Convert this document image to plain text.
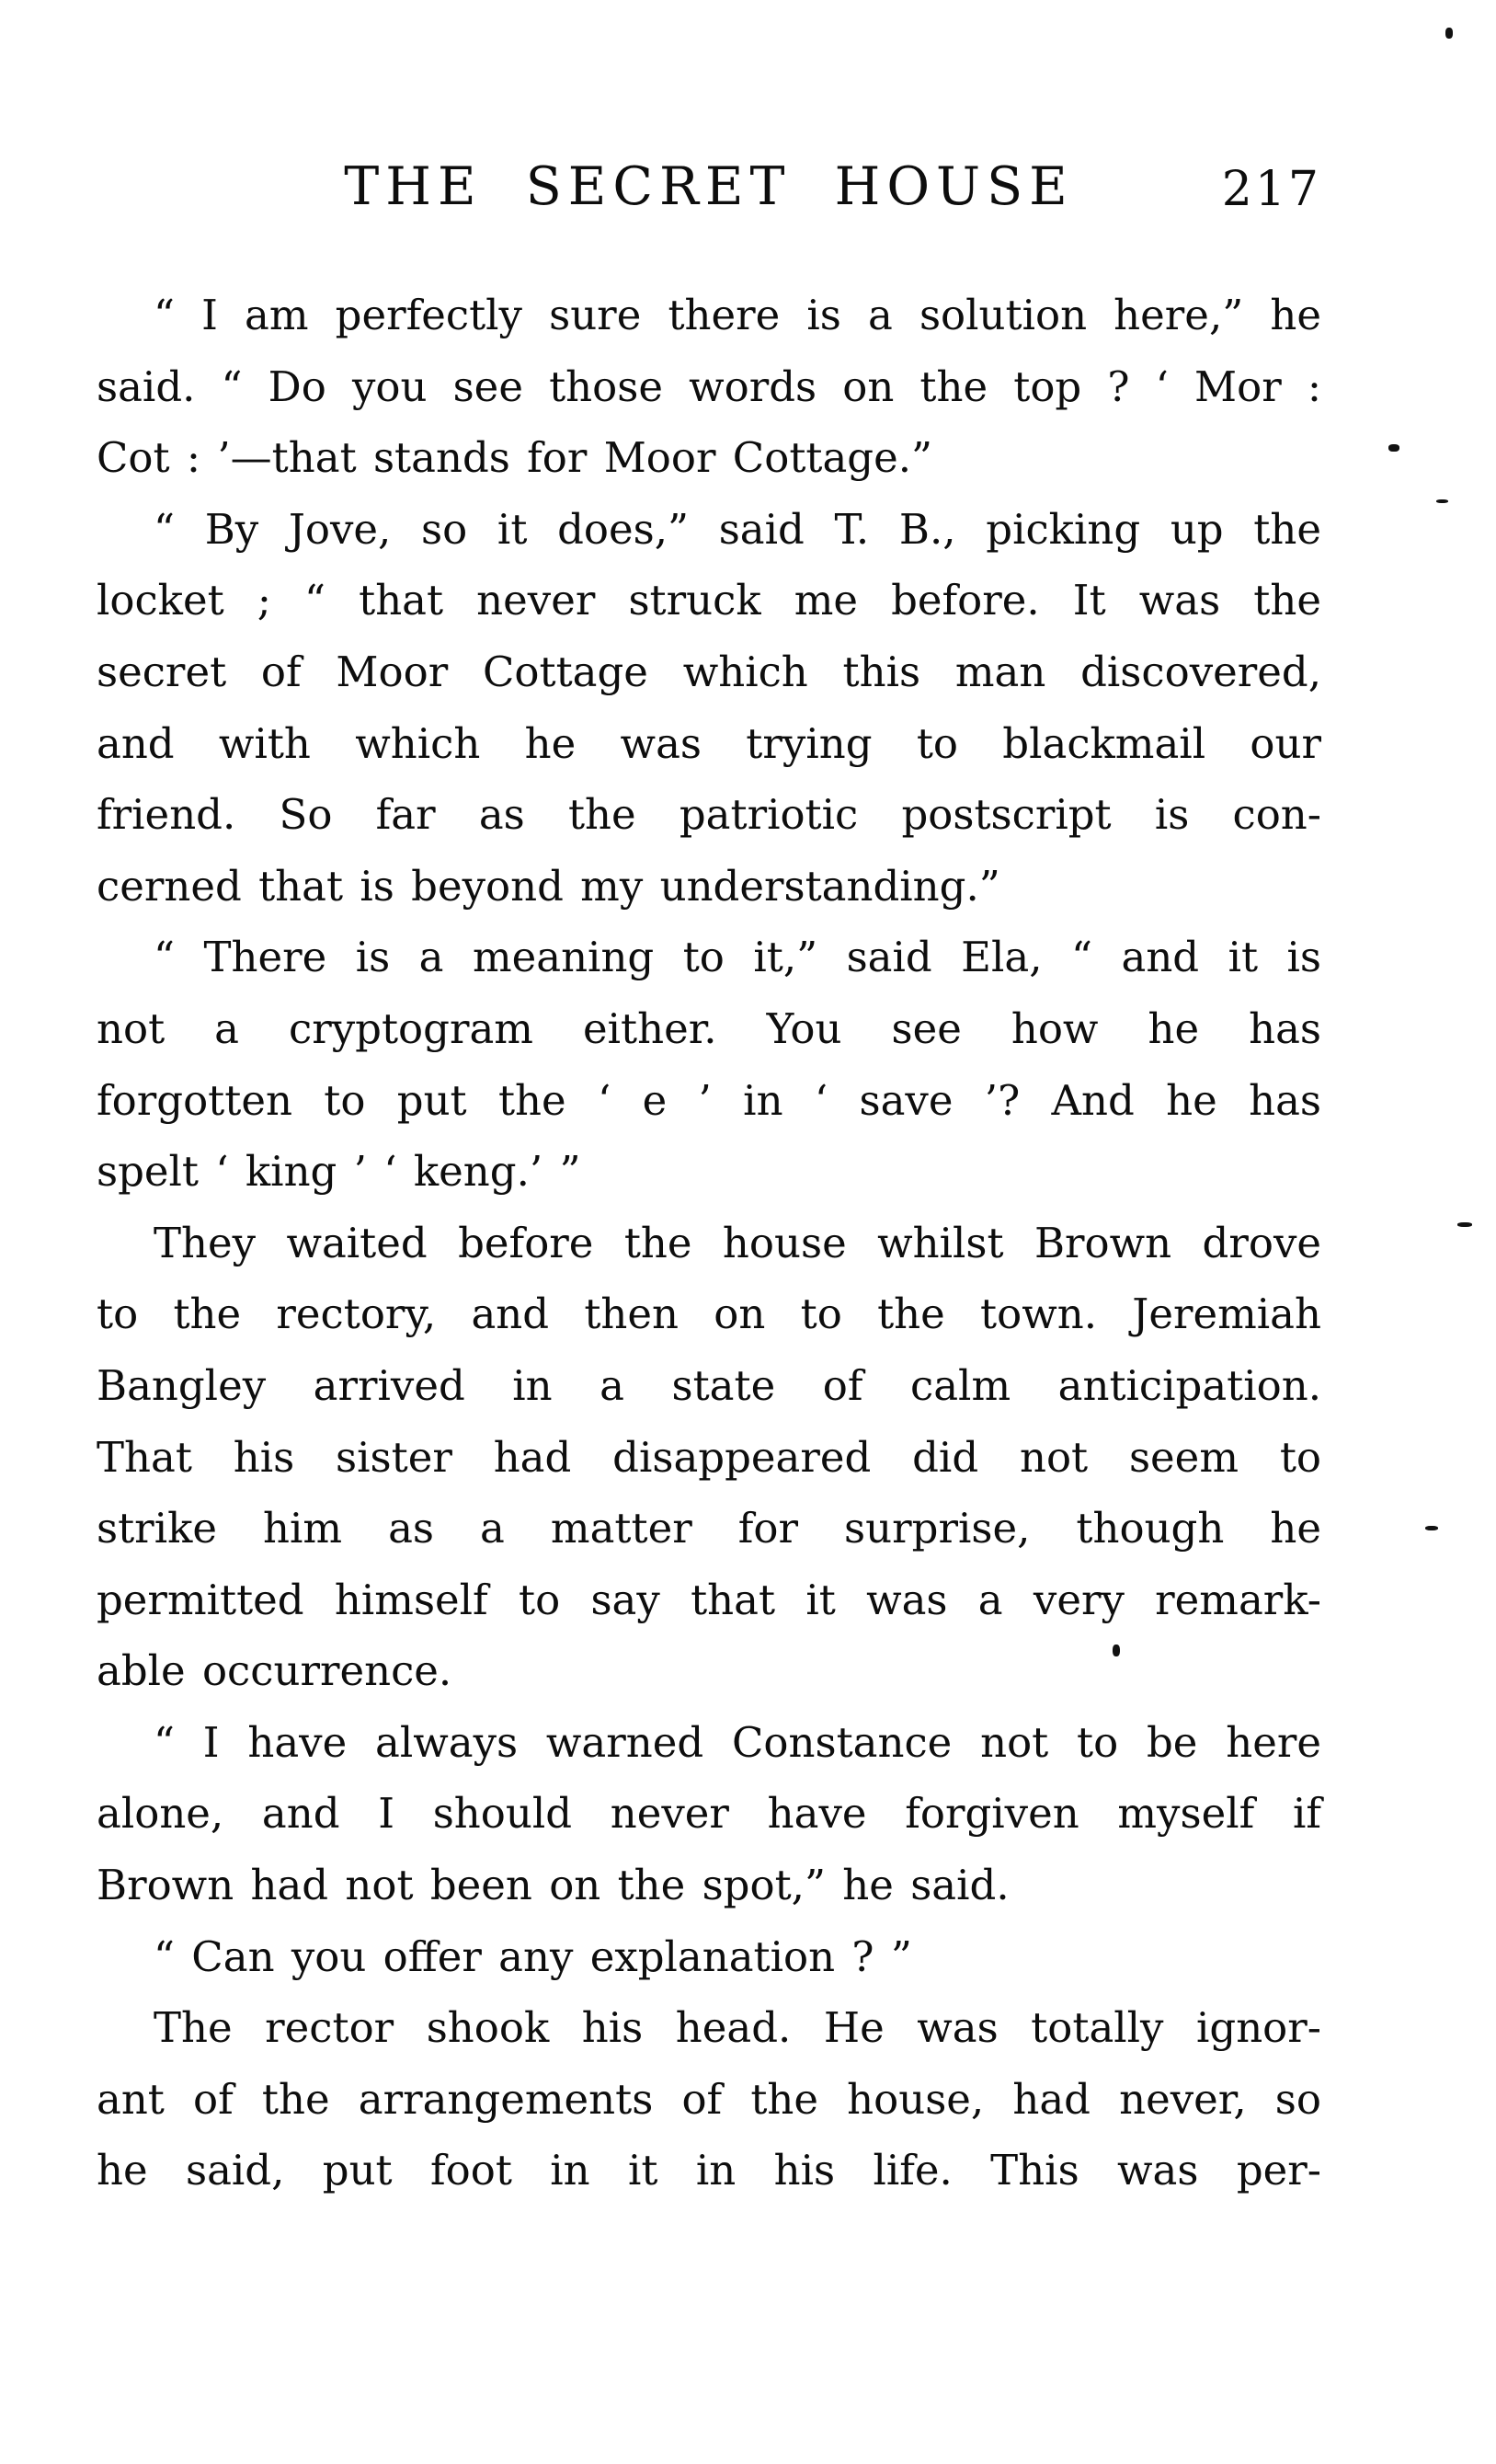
THE SECRET HOUSE	217
“ I am perfectly sure there is a solution here,” he
said. “ Do you see those words on the top ? ‘ Mor :
Cot : ’—that stands for Moor Cottage.”
“ By Jove, so it does,” said T. B., picking up the
locket ; “ that never struck me before. It was the
secret of Moor Cottage which this man discovered,
and with which he was trying to blackmail our
friend. So far as the patriotic postscript is con-
cerned that is beyond my understanding.”
“ There is a meaning to it,” said Ela, “ and it is
not a cryptogram either. You see how he has
forgotten to put the ‘ e ’ in ‘ save ’? And he has
spelt ‘ king ’ ‘ keng.’ ”
They waited before the house whilst Brown drove
to the rectory, and then on to the town. Jeremiah
Bangley arrived in a state of calm anticipation.
That his sister had disappeared did not seem to
strike him as a matter for surprise, though he
permitted himself to say that it was a very remark-
able occurrence.
“ I have always warned Constance not to be here
alone, and I should never have forgiven myself if
Brown had not been on the spot,” he said.
“ Can you offer any explanation ? ”
The rector shook his head. He was totally ignor-
ant of the arrangements of the house, had never, so
he said, put foot in it in his life. This was per-
